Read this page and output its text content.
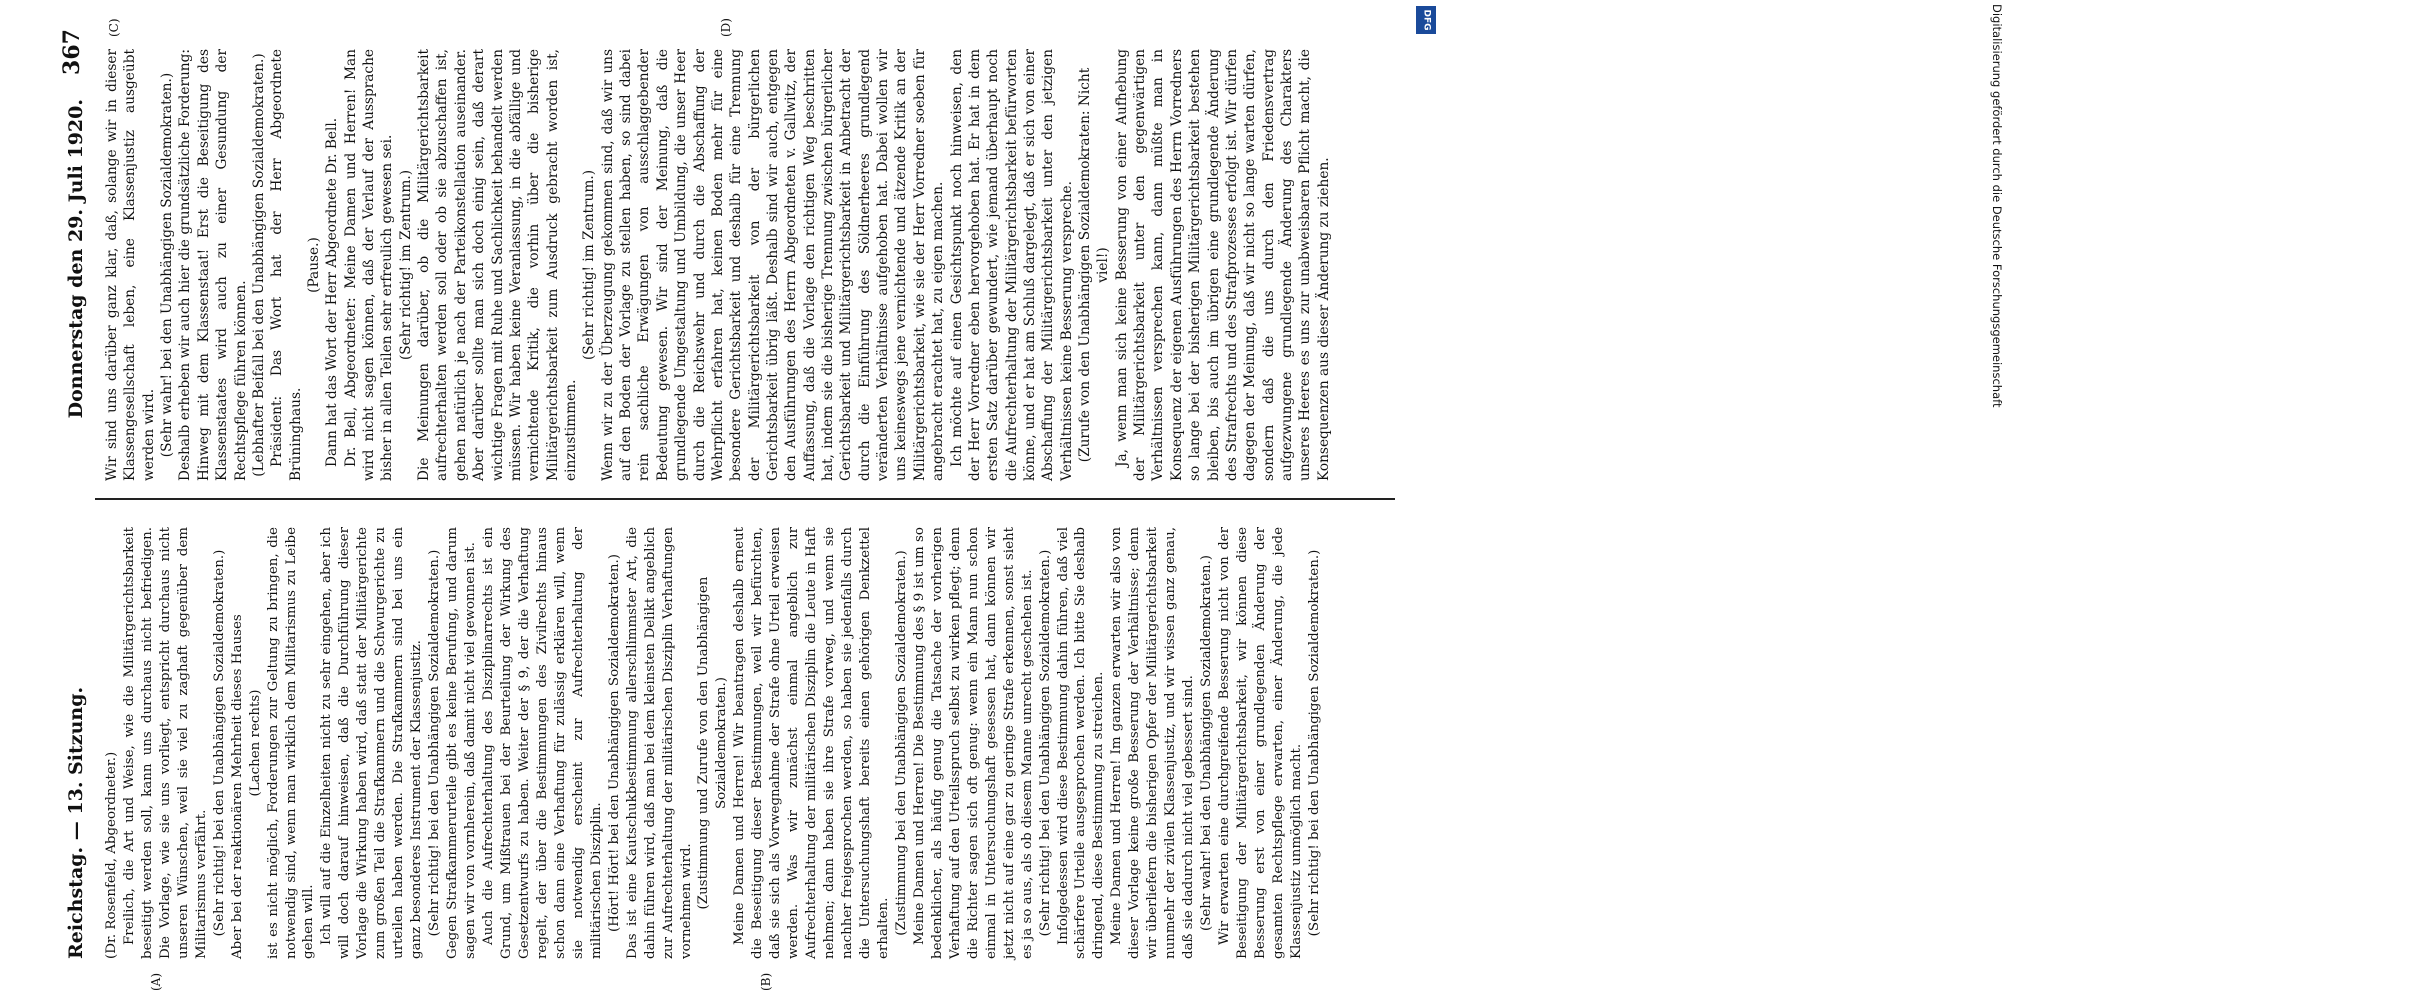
Reichstag. — 13. Sitzung.
Donnerstag den 29. Juli 1920.
367
(A)	(B)
(C)	(D)

(Dr. Rosenfeld, Abgeordneter.) Freilich, die Art und Weise, wie die Militärgerichtsbarkeit beseitigt werden soll, kann uns durchaus nicht befriedigen. Die Vorlage, wie sie uns vorliegt, entspricht durchaus nicht unseren Wünschen, weil sie viel zu zaghaft gegenüber dem Militarismus verfährt. (Sehr richtig! bei den Unabhängigen Sozialdemokraten.) Aber bei der reaktionären Mehrheit dieses Hauses (Lachen rechts) ist es nicht möglich, Forderungen zur Geltung zu bringen, die notwendig sind, wenn man wirklich dem Militarismus zu Leibe gehen will. Ich will auf die Einzelheiten nicht zu sehr eingehen, aber ich will doch darauf hinweisen, daß die Durchführung dieser Vorlage die Wirkung haben wird, daß statt der Militärgerichte zum großen Teil die Strafkammern und die Schwurgerichte zu urteilen haben werden. Die Strafkammern sind bei uns ein ganz besonderes Instrument der Klassenjustiz. (Sehr richtig! bei den Unabhängigen Sozialdemokraten.) Gegen Strafkammerurteile gibt es keine Berufung, und darum sagen wir von vornherein, daß damit nicht viel gewonnen ist. Auch die Aufrechterhaltung des Disziplinarrechts ist ein Grund, um Mißtrauen bei der Beurteilung der Wirkung des Gesetzentwurfs zu haben. Weiter der § 9, der die Verhaftung regelt, der über die Bestimmungen des Zivilrechts hinaus schon dann eine Verhaftung für zulässig erklären will, wenn sie notwendig erscheint zur Aufrechterhaltung der militärischen Disziplin. (Hört! Hört! bei den Unabhängigen Sozialdemokraten.) Das ist eine Kautschukbestimmung allerschlimmster Art, die dahin führen wird, daß man bei dem kleinsten Delikt angeblich zur Aufrechterhaltung der militärischen Disziplin Verhaftungen vornehmen wird. (Zustimmung und Zurufe von den Unabhängigen Sozialdemokraten.) Meine Damen und Herren! Wir beantragen deshalb erneut die Beseitigung dieser Bestimmungen, weil wir befürchten, daß sie sich als Vorwegnahme der Strafe ohne Urteil erweisen werden. Was wir zunächst einmal angeblich zur Aufrechterhaltung der militärischen Disziplin die Leute in Haft nehmen; dann haben sie ihre Strafe vorweg, und wenn sie nachher freigesprochen werden, so haben sie jedenfalls durch die Untersuchungshaft bereits einen gehörigen Denkzettel erhalten. (Zustimmung bei den Unabhängigen Sozialdemokraten.) Meine Damen und Herren! Die Bestimmung des § 9 ist um so bedenklicher, als häufig genug die Tatsache der vorherigen Verhaftung auf den Urteilsspruch selbst zu wirken pflegt; denn die Richter sagen sich oft genug: wenn ein Mann nun schon einmal in Untersuchungshaft gesessen hat, dann können wir jetzt nicht auf eine gar zu geringe Strafe erkennen, sonst sieht es ja so aus, als ob diesem Manne unrecht geschehen ist. (Sehr richtig! bei den Unabhängigen Sozialdemokraten.) Infolgedessen wird diese Bestimmung dahin führen, daß viel schärfere Urteile ausgesprochen werden. Ich bitte Sie deshalb dringend, diese Bestimmung zu streichen. Meine Damen und Herren! Im ganzen erwarten wir also von dieser Vorlage keine große Besserung der Verhältnisse; denn wir überliefern die bisherigen Opfer der Militärgerichtsbarkeit nunmehr der zivilen Klassenjustiz, und wir wissen ganz genau, daß sie dadurch nicht viel gebessert sind. (Sehr wahr! bei den Unabhängigen Sozialdemokraten.) Wir erwarten eine durchgreifende Besserung nicht von der Beseitigung der Militärgerichtsbarkeit, wir können diese Besserung erst von einer grundlegenden Änderung der gesamten Rechtspflege erwarten, einer Änderung, die jede Klassenjustiz unmöglich macht. (Sehr richtig! bei den Unabhängigen Sozialdemokraten.)

Wir sind uns darüber ganz klar, daß, solange wir in dieser Klassengesellschaft leben, eine Klassenjustiz ausgeübt werden wird. (Sehr wahr! bei den Unabhängigen Sozialdemokraten.) Deshalb erheben wir auch hier die grundsätzliche Forderung: Hinweg mit dem Klassenstaat! Erst die Beseitigung des Klassenstaates wird auch zu einer Gesundung der Rechtspflege führen können. (Lebhafter Beifall bei den Unabhängigen Sozialdemokraten.) Präsident: Das Wort hat der Herr Abgeordnete Brüninghaus.

(Pause.) Dann hat das Wort der Herr Abgeordnete Dr. Bell. Dr. Bell, Abgeordneter: Meine Damen und Herren! Man wird nicht sagen können, daß der Verlauf der Aussprache bisher in allen Teilen sehr erfreulich gewesen sei. (Sehr richtig! im Zentrum.) Die Meinungen darüber, ob die Militärgerichtsbarkeit aufrechterhalten werden soll oder ob sie abzuschaffen ist, gehen natürlich je nach der Parteikonstellation auseinander. Aber darüber sollte man sich doch einig sein, daß derart wichtige Fragen mit Ruhe und Sachlichkeit behandelt werden müssen. Wir haben keine Veranlassung, in die abfällige und vernichtende Kritik, die vorhin über die bisherige Militärgerichtsbarkeit zum Ausdruck gebracht worden ist, einzustimmen.

(Sehr richtig! im Zentrum.) Wenn wir zu der Überzeugung gekommen sind, daß wir uns auf den Boden der Vorlage zu stellen haben, so sind dabei rein sachliche Erwägungen von ausschlaggebender Bedeutung gewesen. Wir sind der Meinung, daß die grundlegende Umgestaltung und Umbildung, die unser Heer durch die Reichswehr und durch die Abschaffung der Wehrpflicht erfahren hat, keinen Boden mehr für eine besondere Gerichtsbarkeit und deshalb für eine Trennung der Militärgerichtsbarkeit von der bürgerlichen Gerichtsbarkeit übrig läßt. Deshalb sind wir auch, entgegen den Ausführungen des Herrn Abgeordneten v. Gallwitz, der Auffassung, daß die Vorlage den richtigen Weg beschritten hat, indem sie die bisherige Trennung zwischen bürgerlicher Gerichtsbarkeit und Militärgerichtsbarkeit in Anbetracht der durch die Einführung des Söldnerheeres grundlegend veränderten Verhältnisse aufgehoben hat. Dabei wollen wir uns keineswegs jene vernichtende und ätzende Kritik an der Militärgerichtsbarkeit, wie sie der Herr Vorredner soeben für angebracht erachtet hat, zu eigen machen. Ich möchte auf einen Gesichtspunkt noch hinweisen, den der Herr Vorredner eben hervorgehoben hat. Er hat in dem ersten Satz darüber gewundert, wie jemand überhaupt noch die Aufrechterhaltung der Militärgerichtsbarkeit befürworten könne, und er hat am Schluß dargelegt, daß er sich von einer Abschaffung der Militärgerichtsbarkeit unter den jetzigen Verhältnissen keine Besserung verspreche. (Zurufe von den Unabhängigen Sozialdemokraten: Nicht viel!) Ja, wenn man sich keine Besserung von einer Aufhebung der Militärgerichtsbarkeit unter den gegenwärtigen Verhältnissen versprechen kann, dann müßte man in Konsequenz der eigenen Ausführungen des Herrn Vorredners so lange bei der bisherigen Militärgerichtsbarkeit bestehen bleiben, bis auch im übrigen eine grundlegende Änderung des Strafrechts und des Strafprozesses erfolgt ist. Wir dürfen dagegen der Meinung, daß wir nicht so lange warten dürfen, sondern daß die uns durch den Friedensvertrag aufgezwungene grundlegende Änderung des Charakters unseres Heeres es uns zur unabweisbaren Pflicht macht, die Konsequenzen aus dieser Änderung zu ziehen.	Digitalisierung gefördert durch die Deutsche Forschungsgemeinschaft
DFG
